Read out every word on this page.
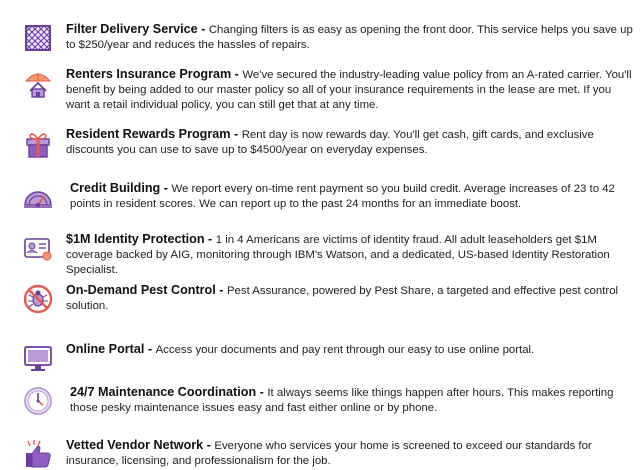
Filter Delivery Service - Changing filters is as easy as opening the front door. This service helps you save up to $250/year and reduces the hassles of repairs.
Renters Insurance Program - We've secured the industry-leading value policy from an A-rated carrier. You'll benefit by being added to our master policy so all of your insurance requirements in the lease are met. If you want a retail individual policy, you can still get that at any time.
Resident Rewards Program - Rent day is now rewards day. You'll get cash, gift cards, and exclusive discounts you can use to save up to $4500/year on everyday expenses.
Credit Building - We report every on-time rent payment so you build credit. Average increases of 23 to 42 points in resident scores. We can report up to the past 24 months for an immediate boost.
$1M Identity Protection - 1 in 4 Americans are victims of identity fraud. All adult leaseholders get $1M coverage backed by AIG, monitoring through IBM's Watson, and a dedicated, US-based Identity Restoration Specialist.
On-Demand Pest Control - Pest Assurance, powered by Pest Share, a targeted and effective pest control solution.
Online Portal - Access your documents and pay rent through our easy to use online portal.
24/7 Maintenance Coordination - It always seems like things happen after hours. This makes reporting those pesky maintenance issues easy and fast either online or by phone.
Vetted Vendor Network - Everyone who services your home is screened to exceed our standards for insurance, licensing, and professionalism for the job.
